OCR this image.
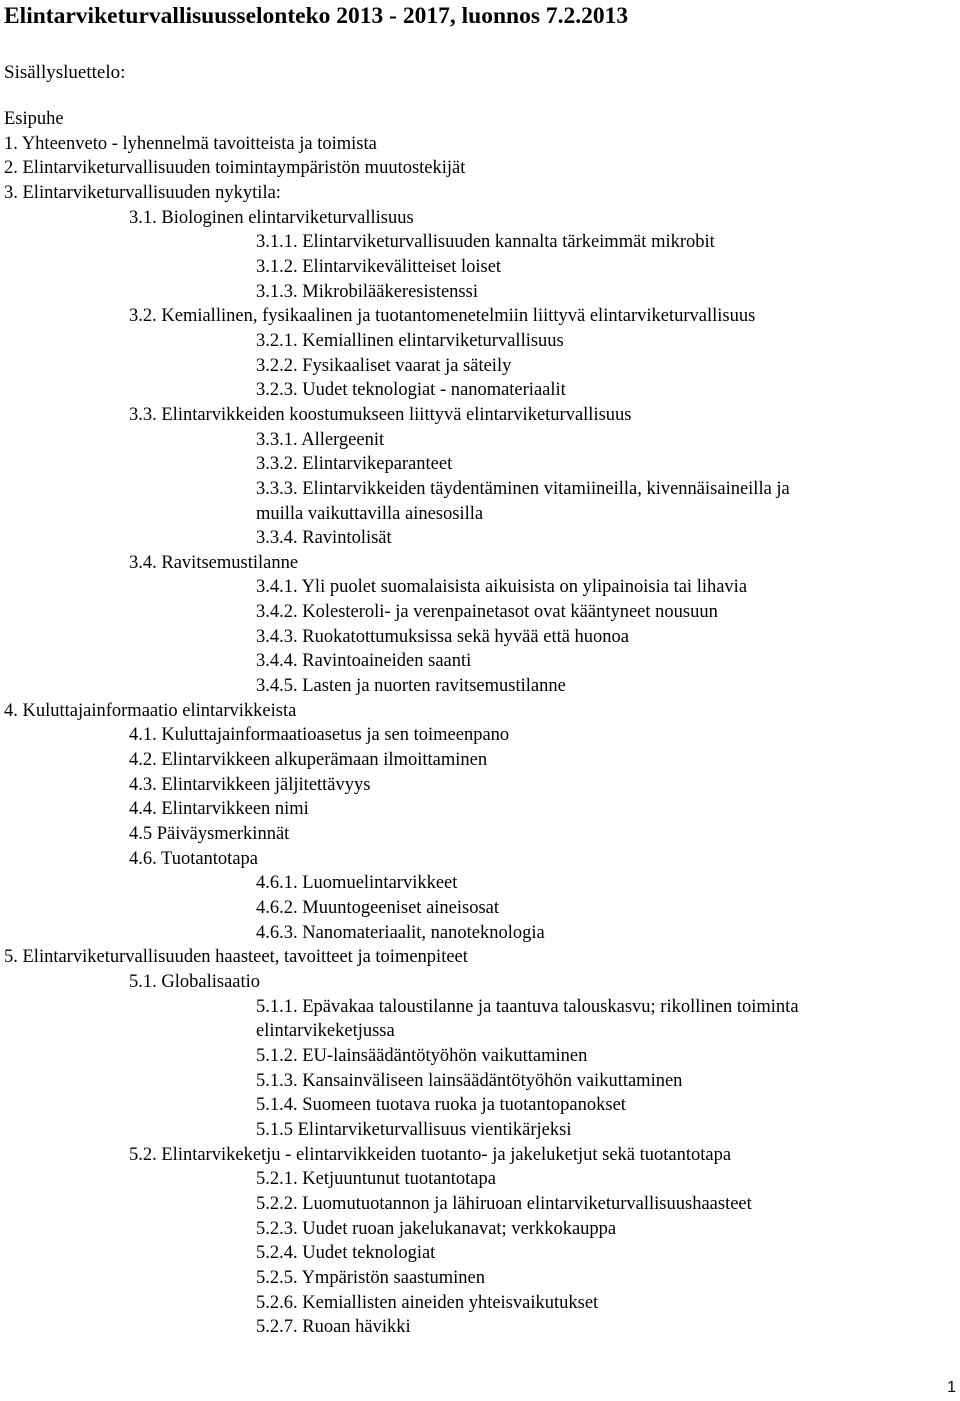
Elintarviketurvallisuusselonteko 2013 - 2017, luonnos 7.2.2013
Sisällysluettelo:
Esipuhe
1. Yhteenveto - lyhennelmä tavoitteista ja toimista
2. Elintarviketurvallisuuden toimintaympäristön muutostekijät
3. Elintarviketurvallisuuden nykytila:
3.1. Biologinen elintarviketurvallisuus
3.1.1. Elintarviketurvallisuuden kannalta tärkeimmät mikrobit
3.1.2. Elintarvikevälitteiset loiset
3.1.3. Mikrobilääkeresistenssi
3.2. Kemiallinen, fysikaalinen ja tuotantomenetelmiin liittyvä elintarviketurvallisuus
3.2.1. Kemiallinen elintarviketurvallisuus
3.2.2. Fysikaaliset vaarat ja säteily
3.2.3. Uudet teknologiat - nanomateriaalit
3.3. Elintarvikkeiden koostumukseen liittyvä elintarviketurvallisuus
3.3.1. Allergeenit
3.3.2. Elintarvikeparanteet
3.3.3. Elintarvikkeiden täydentäminen vitamiineilla, kivennäisaineilla ja
muilla vaikuttavilla ainesosilla
3.3.4. Ravintolisät
3.4. Ravitsemustilanne
3.4.1. Yli puolet suomalaisista aikuisista on ylipainoisia tai lihavia
3.4.2. Kolesteroli- ja verenpainetasot ovat kääntyneet nousuun
3.4.3. Ruokatottumuksissa sekä hyvää että huonoa
3.4.4. Ravintoaineiden saanti
3.4.5. Lasten ja nuorten ravitsemustilanne
4. Kuluttajainformaatio elintarvikkeista
4.1. Kuluttajainformaatioasetus ja sen toimeenpano
4.2. Elintarvikkeen alkuperämaan ilmoittaminen
4.3. Elintarvikkeen jäljitettävyys
4.4. Elintarvikkeen nimi
4.5 Päiväysmerkinnät
4.6. Tuotantotapa
4.6.1. Luomuelintarvikkeet
4.6.2. Muuntogeeniset aineisosat
4.6.3. Nanomateriaalit, nanoteknologia
5. Elintarviketurvallisuuden haasteet, tavoitteet ja toimenpiteet
5.1. Globalisaatio
5.1.1. Epävakaa taloustilanne ja taantuva talouskasvu; rikollinen toiminta
elintarvikeketjussa
5.1.2. EU-lainsäädäntötyöhön vaikuttaminen
5.1.3. Kansainväliseen lainsäädäntötyöhön vaikuttaminen
5.1.4. Suomeen tuotava ruoka ja tuotantopanokset
5.1.5 Elintarviketurvallisuus vientikärjeksi
5.2. Elintarvikeketju - elintarvikkeiden tuotanto- ja jakeluketjut sekä tuotantotapa
5.2.1. Ketjuuntunut tuotantotapa
5.2.2. Luomutuotannon ja lähiruoan elintarviketurvallisuushaasteet
5.2.3. Uudet ruoan jakelukanavat; verkkokauppa
5.2.4. Uudet teknologiat
5.2.5. Ympäristön saastuminen
5.2.6. Kemiallisten aineiden yhteisvaikutukset
5.2.7. Ruoan hävikki
1
